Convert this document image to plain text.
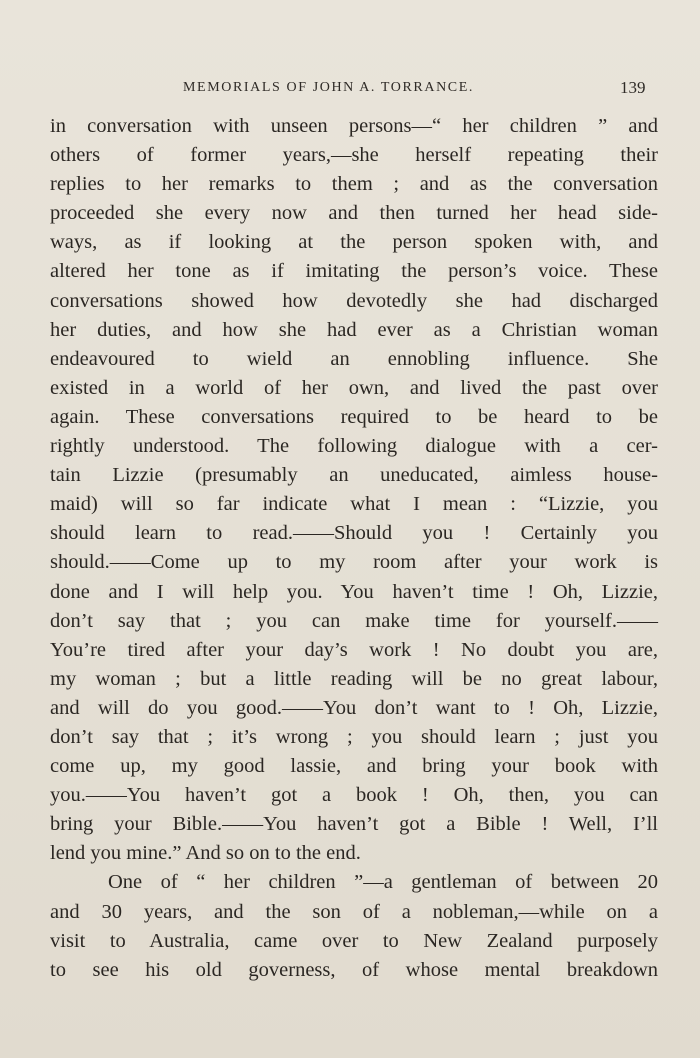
MEMORIALS OF JOHN A. TORRANCE.	139
in conversation with unseen persons—“ her children ” and
others of former years,—she herself repeating their
replies to her remarks to them ; and as the conversation
proceeded she every now and then turned her head side-
ways, as if looking at the person spoken with, and
altered her tone as if imitating the person’s voice. These
conversations showed how devotedly she had discharged
her duties, and how she had ever as a Christian woman
endeavoured to wield an ennobling influence. She
existed in a world of her own, and lived the past over
again. These conversations required to be heard to be
rightly understood. The following dialogue with a cer-
tain Lizzie (presumably an uneducated, aimless house-
maid) will so far indicate what I mean : “Lizzie, you
should learn to read.——Should you ! Certainly you
should.——Come up to my room after your work is
done and I will help you. You haven’t time ! Oh, Lizzie,
don’t say that ; you can make time for yourself.——
You’re tired after your day’s work ! No doubt you are,
my woman ; but a little reading will be no great labour,
and will do you good.——You don’t want to ! Oh, Lizzie,
don’t say that ; it’s wrong ; you should learn ; just you
come up, my good lassie, and bring your book with
you.——You haven’t got a book ! Oh, then, you can
bring your Bible.——You haven’t got a Bible ! Well, I’ll
lend you mine.” And so on to the end.
One of “ her children ”—a gentleman of between 20
and 30 years, and the son of a nobleman,—while on a
visit to Australia, came over to New Zealand purposely
to see his old governess, of whose mental breakdown
